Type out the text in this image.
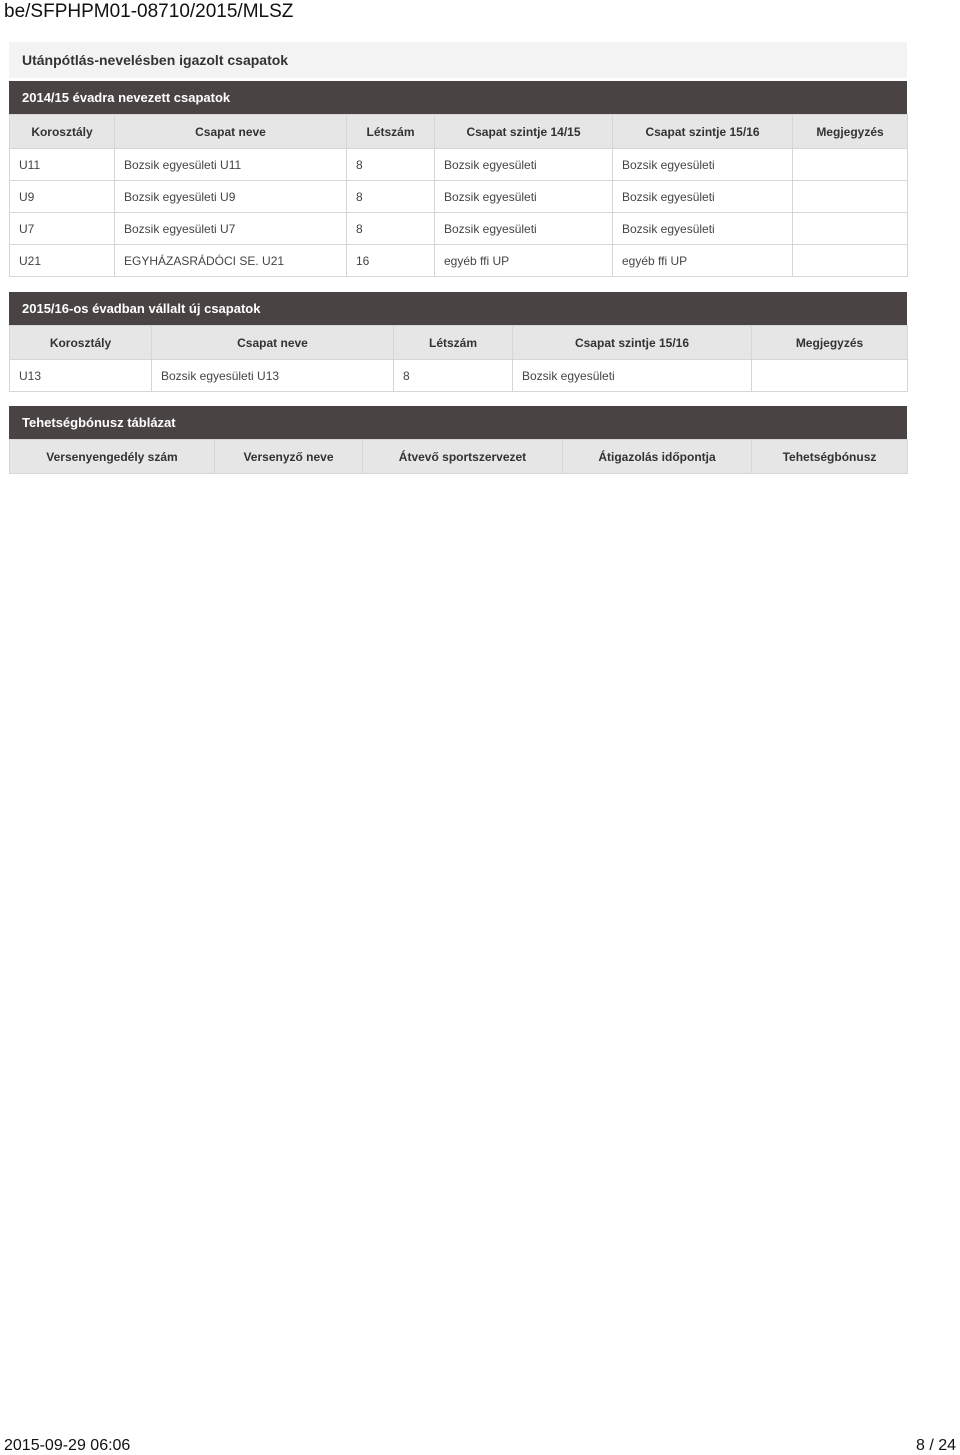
be/SFPHPM01-08710/2015/MLSZ
Utánpótlás-nevelésben igazolt csapatok
2014/15 évadra nevezett csapatok
Korosztály	Csapat neve	Létszám	Csapat szintje 14/15	Csapat szintje 15/16	Megjegyzés
U11	Bozsik egyesületi U11	8	Bozsik egyesületi	Bozsik egyesületi	
U9	Bozsik egyesületi U9	8	Bozsik egyesületi	Bozsik egyesületi	
U7	Bozsik egyesületi U7	8	Bozsik egyesületi	Bozsik egyesületi	
U21	EGYHÁZASRÁDÓCI SE. U21	16	egyéb ffi UP	egyéb ffi UP	
2015/16-os évadban vállalt új csapatok
Korosztály	Csapat neve	Létszám	Csapat szintje 15/16	Megjegyzés
U13	Bozsik egyesületi U13	8	Bozsik egyesületi	
Tehetségbónusz táblázat
Versenyengedély szám	Versenyző neve	Átvevő sportszervezet	Átigazolás időpontja	Tehetségbónusz
2015-09-29 06:06	8 / 24
